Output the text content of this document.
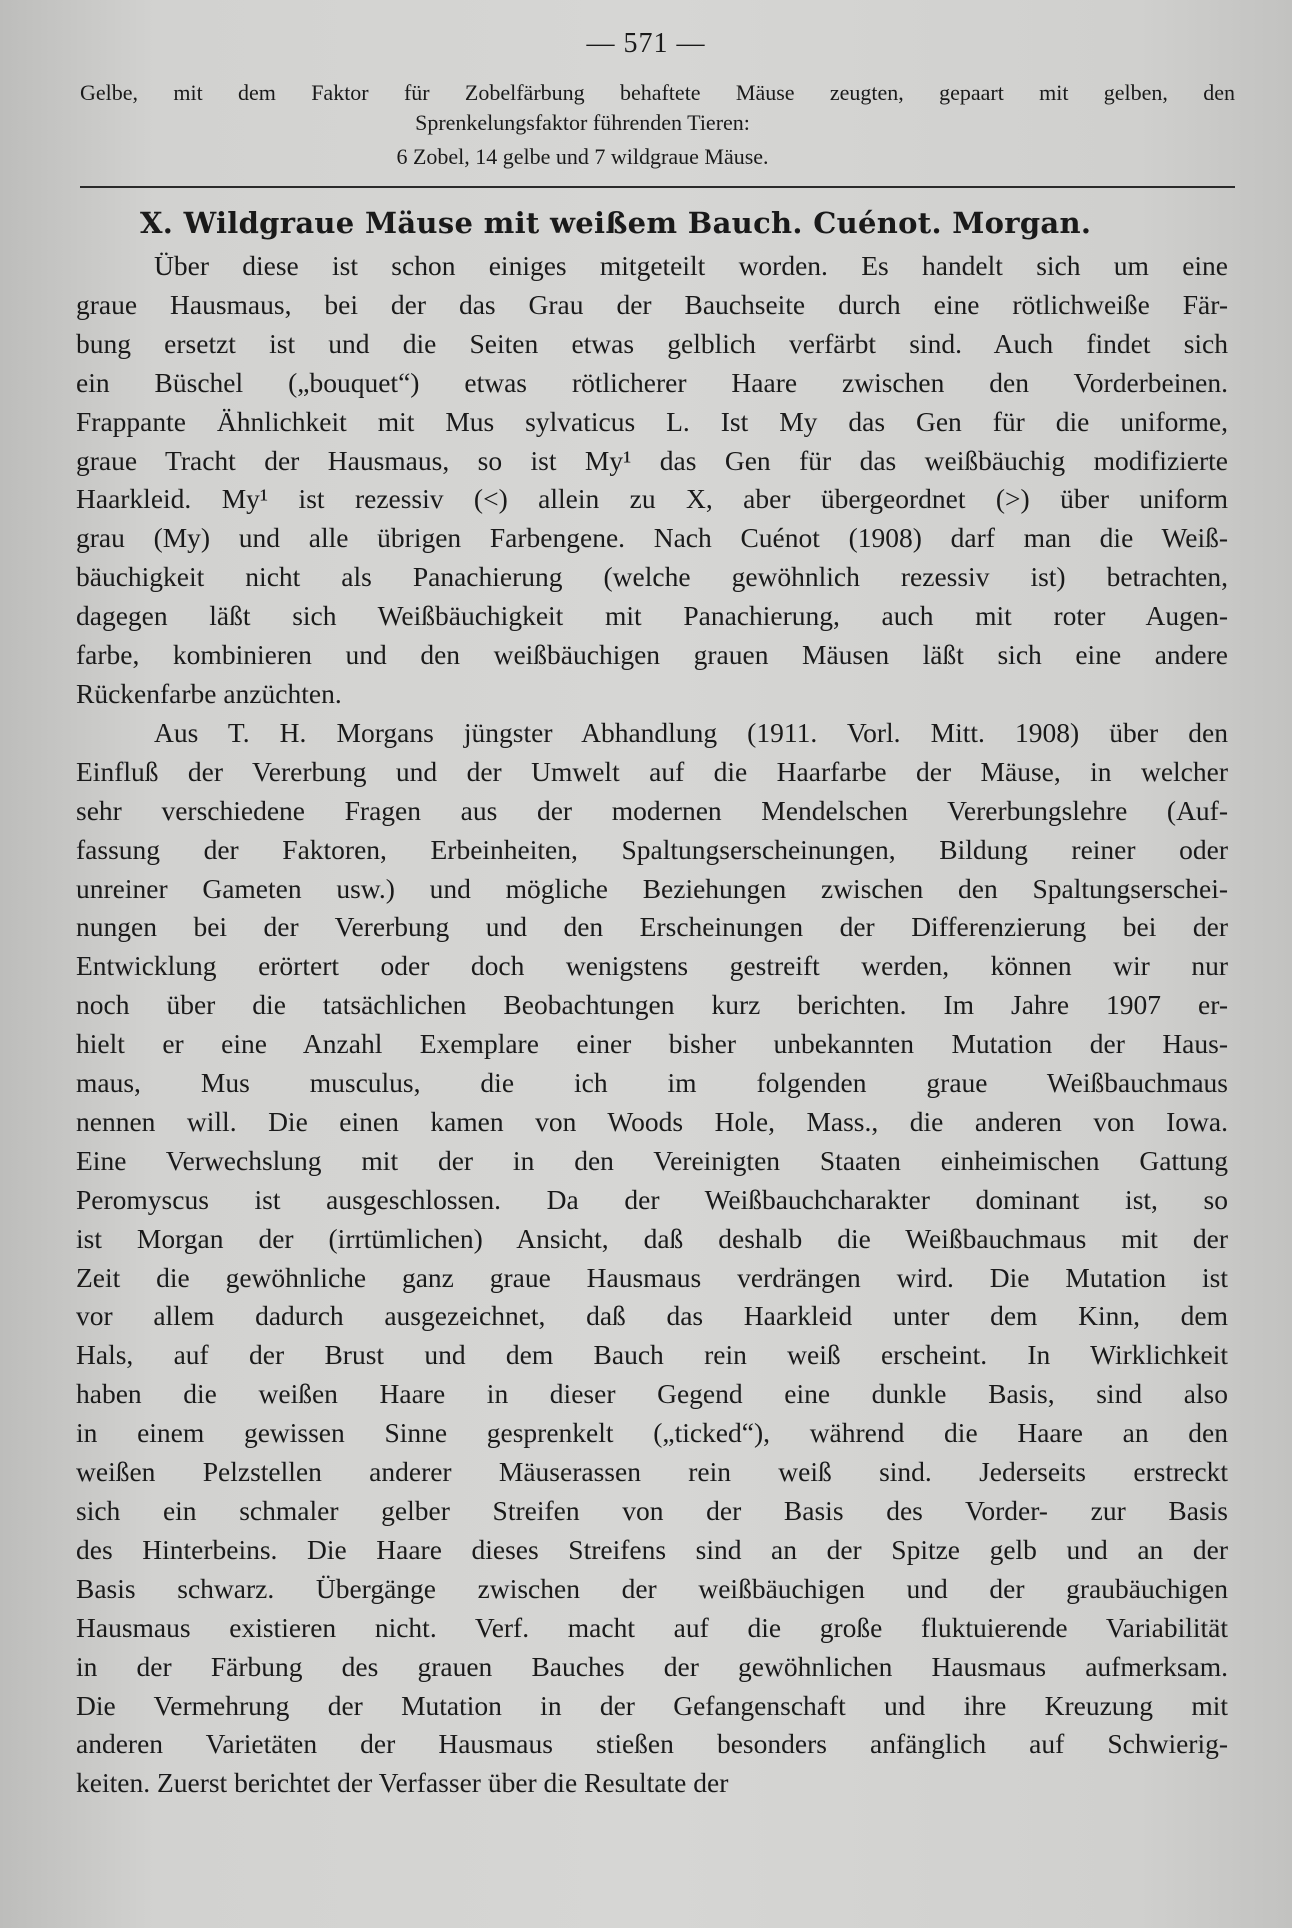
— 571 —
Gelbe, mit dem Faktor für Zobelfärbung behaftete Mäuse zeugten, gepaart mit gelben, den
Sprenkelungsfaktor führenden Tieren:
6 Zobel, 14 gelbe und 7 wildgraue Mäuse.
X. Wildgraue Mäuse mit weißem Bauch. Cuénot. Morgan.
Über diese ist schon einiges mitgeteilt worden. Es handelt sich um eine
graue Hausmaus, bei der das Grau der Bauchseite durch eine rötlichweiße Fär-
bung ersetzt ist und die Seiten etwas gelblich verfärbt sind. Auch findet sich
ein Büschel („bouquet“) etwas rötlicherer Haare zwischen den Vorderbeinen.
Frappante Ähnlichkeit mit Mus sylvaticus L. Ist My das Gen für die uniforme,
graue Tracht der Hausmaus, so ist My¹ das Gen für das weißbäuchig modifizierte
Haarkleid. My¹ ist rezessiv (<) allein zu X, aber übergeordnet (>) über uniform
grau (My) und alle übrigen Farbengene. Nach Cuénot (1908) darf man die Weiß-
bäuchigkeit nicht als Panachierung (welche gewöhnlich rezessiv ist) betrachten,
dagegen läßt sich Weißbäuchigkeit mit Panachierung, auch mit roter Augen-
farbe, kombinieren und den weißbäuchigen grauen Mäusen läßt sich eine andere
Rückenfarbe anzüchten.
Aus T. H. Morgans jüngster Abhandlung (1911. Vorl. Mitt. 1908) über den
Einfluß der Vererbung und der Umwelt auf die Haarfarbe der Mäuse, in welcher
sehr verschiedene Fragen aus der modernen Mendelschen Vererbungslehre (Auf-
fassung der Faktoren, Erbeinheiten, Spaltungserscheinungen, Bildung reiner oder
unreiner Gameten usw.) und mögliche Beziehungen zwischen den Spaltungserschei-
nungen bei der Vererbung und den Erscheinungen der Differenzierung bei der
Entwicklung erörtert oder doch wenigstens gestreift werden, können wir nur
noch über die tatsächlichen Beobachtungen kurz berichten. Im Jahre 1907 er-
hielt er eine Anzahl Exemplare einer bisher unbekannten Mutation der Haus-
maus, Mus musculus, die ich im folgenden graue Weißbauchmaus
nennen will. Die einen kamen von Woods Hole, Mass., die anderen von Iowa.
Eine Verwechslung mit der in den Vereinigten Staaten einheimischen Gattung
Peromyscus ist ausgeschlossen. Da der Weißbauchcharakter dominant ist, so
ist Morgan der (irrtümlichen) Ansicht, daß deshalb die Weißbauchmaus mit der
Zeit die gewöhnliche ganz graue Hausmaus verdrängen wird. Die Mutation ist
vor allem dadurch ausgezeichnet, daß das Haarkleid unter dem Kinn, dem
Hals, auf der Brust und dem Bauch rein weiß erscheint. In Wirklichkeit
haben die weißen Haare in dieser Gegend eine dunkle Basis, sind also
in einem gewissen Sinne gesprenkelt („ticked“), während die Haare an den
weißen Pelzstellen anderer Mäuserassen rein weiß sind. Jederseits erstreckt
sich ein schmaler gelber Streifen von der Basis des Vorder- zur Basis
des Hinterbeins. Die Haare dieses Streifens sind an der Spitze gelb und an der
Basis schwarz. Übergänge zwischen der weißbäuchigen und der graubäuchigen
Hausmaus existieren nicht. Verf. macht auf die große fluktuierende Variabilität
in der Färbung des grauen Bauches der gewöhnlichen Hausmaus aufmerksam.
Die Vermehrung der Mutation in der Gefangenschaft und ihre Kreuzung mit
anderen Varietäten der Hausmaus stießen besonders anfänglich auf Schwierig-
keiten. Zuerst berichtet der Verfasser über die Resultate der
